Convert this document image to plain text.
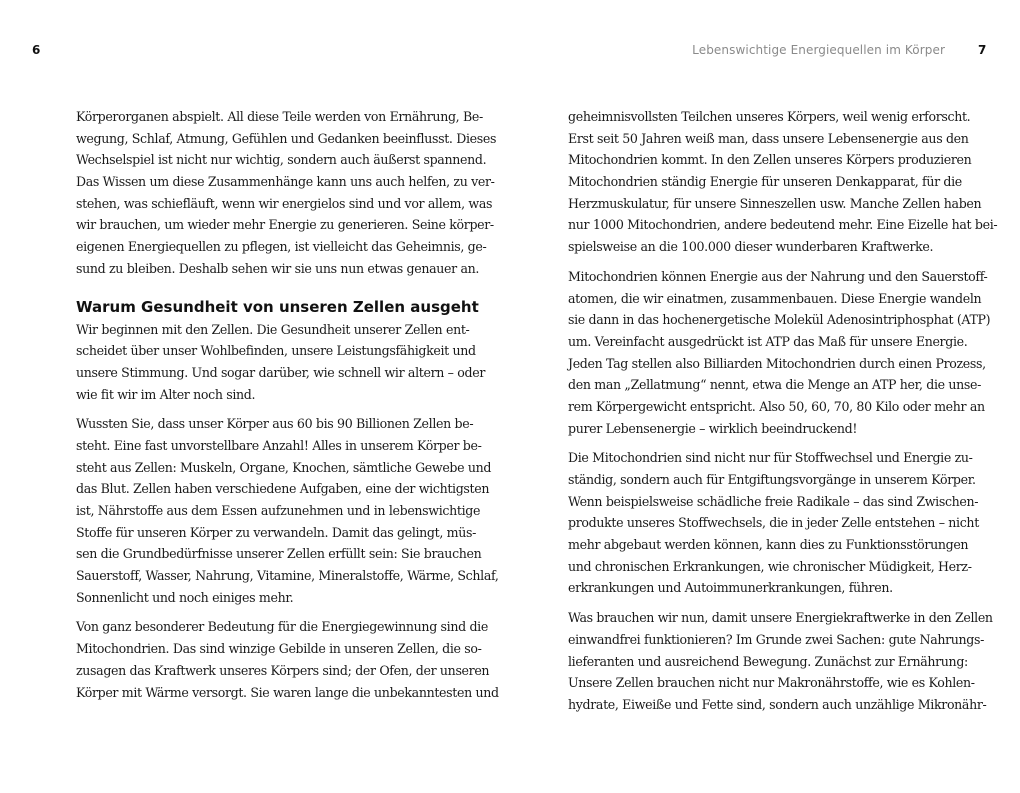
6
Körperorganen abspielt. All diese Teile werden von Ernährung, Be-
wegung, Schlaf, Atmung, Gefühlen und Gedanken beeinflusst. Dieses
Wechselspiel ist nicht nur wichtig, sondern auch äußerst spannend.
Das Wissen um diese Zusammenhänge kann uns auch helfen, zu ver-
stehen, was schiefläuft, wenn wir energielos sind und vor allem, was
wir brauchen, um wieder mehr Energie zu generieren. Seine körper-
eigenen Energiequellen zu pflegen, ist vielleicht das Geheimnis, ge-
sund zu bleiben. Deshalb sehen wir sie uns nun etwas genauer an.
Warum Gesundheit von unseren Zellen ausgeht
Wir beginnen mit den Zellen. Die Gesundheit unserer Zellen ent-
scheidet über unser Wohlbefinden, unsere Leistungsfähigkeit und
unsere Stimmung. Und sogar darüber, wie schnell wir altern – oder
wie fit wir im Alter noch sind.
Wussten Sie, dass unser Körper aus 60 bis 90 Billionen Zellen be-
steht. Eine fast unvorstellbare Anzahl! Alles in unserem Körper be-
steht aus Zellen: Muskeln, Organe, Knochen, sämtliche Gewebe und
das Blut. Zellen haben verschiedene Aufgaben, eine der wichtigsten
ist, Nährstoffe aus dem Essen aufzunehmen und in lebenswichtige
Stoffe für unseren Körper zu verwandeln. Damit das gelingt, müs-
sen die Grundbedürfnisse unserer Zellen erfüllt sein: Sie brauchen
Sauerstoff, Wasser, Nahrung, Vitamine, Mineralstoffe, Wärme, Schlaf,
Sonnenlicht und noch einiges mehr.
Von ganz besonderer Bedeutung für die Energiegewinnung sind die
Mitochondrien. Das sind winzige Gebilde in unseren Zellen, die so-
zusagen das Kraftwerk unseres Körpers sind; der Ofen, der unseren
Körper mit Wärme versorgt. Sie waren lange die unbekanntesten und
Lebenswichtige Energiequellen im Körper	7
geheimnisvollsten Teilchen unseres Körpers, weil wenig erforscht.
Erst seit 50 Jahren weiß man, dass unsere Lebensenergie aus den
Mitochondrien kommt. In den Zellen unseres Körpers produzieren
Mitochondrien ständig Energie für unseren Denkapparat, für die
Herzmuskulatur, für unsere Sinneszellen usw. Manche Zellen haben
nur 1000 Mitochondrien, andere bedeutend mehr. Eine Eizelle hat bei-
spielsweise an die 100.000 dieser wunderbaren Kraftwerke.
Mitochondrien können Energie aus der Nahrung und den Sauerstoff-
atomen, die wir einatmen, zusammenbauen. Diese Energie wandeln
sie dann in das hochenergetische Molekül Adenosintriphosphat (ATP)
um. Vereinfacht ausgedrückt ist ATP das Maß für unsere Energie.
Jeden Tag stellen also Billiarden Mitochondrien durch einen Prozess,
den man „Zellatmung“ nennt, etwa die Menge an ATP her, die unse-
rem Körpergewicht entspricht. Also 50, 60, 70, 80 Kilo oder mehr an
purer Lebensenergie – wirklich beeindruckend!
Die Mitochondrien sind nicht nur für Stoffwechsel und Energie zu-
ständig, sondern auch für Entgiftungsvorgänge in unserem Körper.
Wenn beispielsweise schädliche freie Radikale – das sind Zwischen-
produkte unseres Stoffwechsels, die in jeder Zelle entstehen – nicht
mehr abgebaut werden können, kann dies zu Funktionsstörungen
und chronischen Erkrankungen, wie chronischer Müdigkeit, Herz-
erkrankungen und Autoimmunerkrankungen, führen.
Was brauchen wir nun, damit unsere Energiekraftwerke in den Zellen
einwandfrei funktionieren? Im Grunde zwei Sachen: gute Nahrungs-
lieferanten und ausreichend Bewegung. Zunächst zur Ernährung:
Unsere Zellen brauchen nicht nur Makronährstoffe, wie es Kohlen-
hydrate, Eiweiße und Fette sind, sondern auch unzählige Mikronähr-
